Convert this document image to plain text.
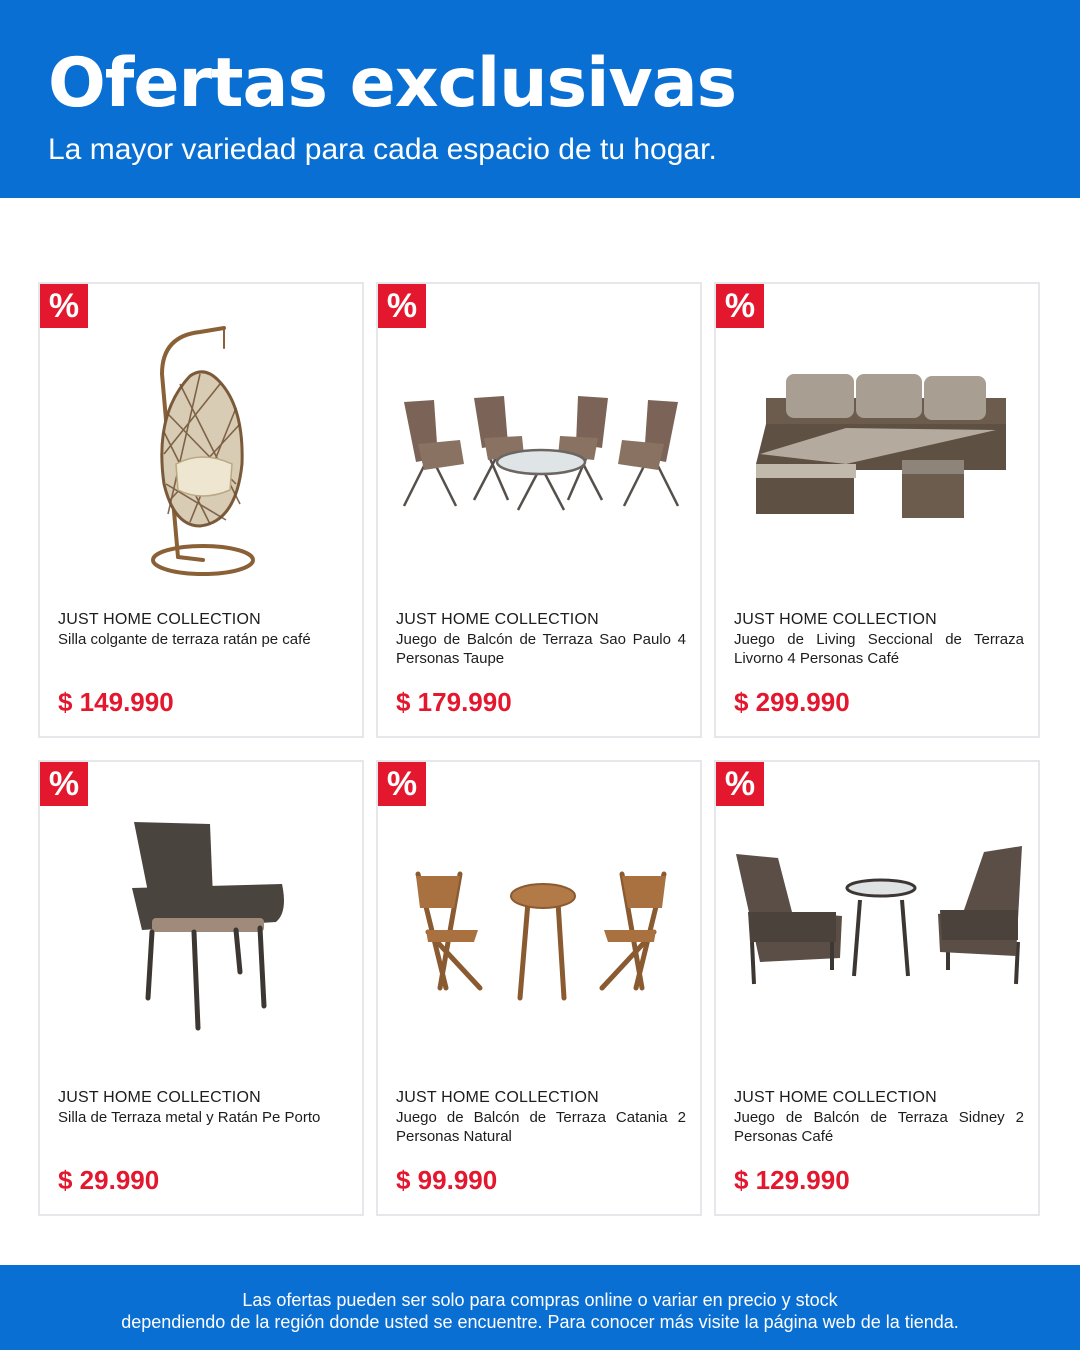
Ofertas exclusivas
La mayor variedad para cada espacio de tu hogar.
%
JUST HOME COLLECTION
Silla colgante de terraza ratán pe café
$ 149.990
%
JUST HOME COLLECTION
Juego de Balcón de Terraza Sao Paulo 4 Personas Taupe
$ 179.990
%
JUST HOME COLLECTION
Juego de Living Seccional de Terraza Livorno 4 Personas Café
$ 299.990
%
JUST HOME COLLECTION
Silla de Terraza metal y Ratán Pe Porto
$ 29.990
%
JUST HOME COLLECTION
Juego de Balcón de Terraza Catania 2 Personas Natural
$ 99.990
%
JUST HOME COLLECTION
Juego de Balcón de Terraza Sidney 2 Personas Café
$ 129.990
Las ofertas pueden ser solo para compras online o variar en precio y stock
dependiendo de la región donde usted se encuentre. Para conocer más visite la página web de la tienda.
